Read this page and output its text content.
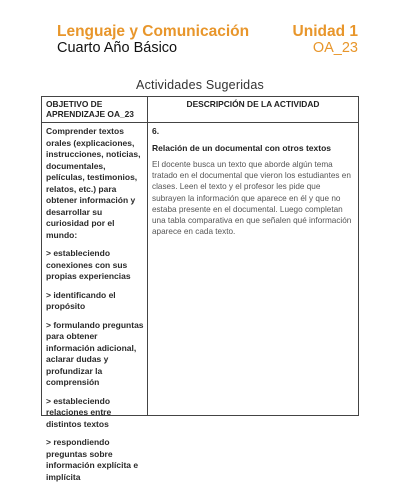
Lenguaje y Comunicación
Cuarto Año Básico
Unidad 1
OA_23
Actividades Sugeridas
OBJETIVO DE APRENDIZAJE OA_23
DESCRIPCIÓN DE LA ACTIVIDAD

Comprender textos orales (explicaciones, instrucciones, noticias, documentales, películas, testimonios, relatos, etc.) para obtener información y desarrollar su curiosidad por el mundo:

> estableciendo conexiones con sus propias experiencias

> identificando el propósito

> formulando preguntas para obtener información adicional, aclarar dudas y profundizar la comprensión

> estableciendo relaciones entre distintos textos

> respondiendo preguntas sobre información explícita e implícita

6.
Relación de un documental con otros textos

El docente busca un texto que aborde algún tema tratado en el documental que vieron los estudiantes en clases. Leen el texto y el profesor les pide que subrayen la información que aparece en él y que no estaba presente en el documental. Luego completan una tabla comparativa en que señalen qué información aparece en cada texto.
